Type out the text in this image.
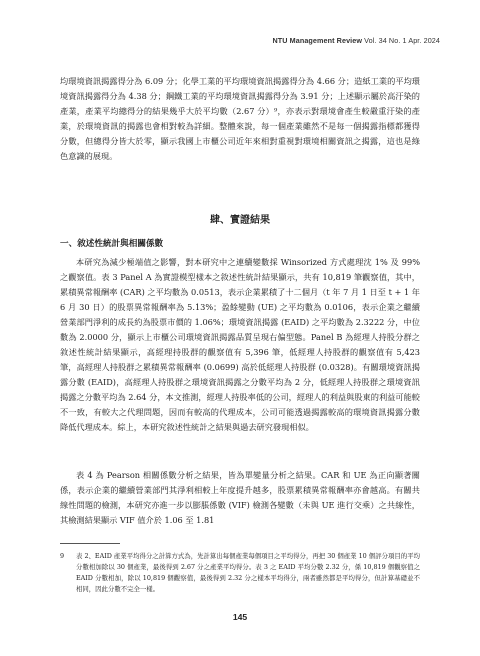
NTU Management Review Vol. 34 No. 1 Apr. 2024

均環境資訊揭露得分為 6.09 分；化學工業的平均環境資訊揭露得分為 4.66 分；造紙工業的平均環境資訊揭露得分為 4.38 分；鋼鐵工業的平均環境資訊揭露得分為 3.91 分；上述顯示屬於高汙染的產業，產業平均總得分的結果幾乎大於平均數（2.67 分）⁹，亦表示對環境會產生較嚴重汙染的產業，於環境資訊的揭露也會相對較為詳細。整體來說，每一個產業雖然不是每一個揭露指標都獲得分數，但總得分皆大於零，顯示我國上市櫃公司近年來相對重視對環境相關資訊之揭露，這也是綠色意識的展現。

肆、實證結果
一、敘述性統計與相關係數

本研究為減少極端值之影響，對本研究中之連續變數採 Winsorized 方式處理沈 1% 及 99% 之觀察值。表 3 Panel A 為實證模型樣本之敘述性統計結果顯示，共有 10,819 筆觀察值，其中，累積異常報酬率 (CAR) 之平均數為 0.0513，表示企業累積了十二個月（t 年 7 月 1 日至 t + 1 年 6 月 30 日）的股票異常報酬率為 5.13%；盈餘變動 (UE) 之平均數為 0.0106，表示企業之繼續營業部門淨利的成長約為股票市價的 1.06%；環境資訊揭露 (EAID) 之平均數為 2.3222 分，中位數為 2.0000 分，顯示上市櫃公司環境資訊揭露品質呈現右偏型態。Panel B 為經理人持股分群之敘述性統計結果顯示，高經理持股群的觀察值有 5,396 筆，低經理人持股群的觀察值有 5,423 筆，高經理人持股群之累積異常報酬率 (0.0699) 高於低經理人持股群 (0.0328)。有關環境資訊揭露分數 (EAID)，高經理人持股群之環境資訊揭露之分數平均為 2 分，低經理人持股群之環境資訊揭露之分數平均為 2.64 分，本文推測，經理人持股率低的公司，經理人的利益與股東的利益可能較不一致，有較大之代理問題，因而有較高的代理成本，公司可能透過揭露較高的環境資訊揭露分數降低代理成本。綜上，本研究敘述性統計之結果與過去研究發現相似。

表 4 為 Pearson 相關係數分析之結果，皆為單變量分析之結果。CAR 和 UE 為正向顯著關係，表示企業的繼續營業部門其淨利相較上年度提升越多，股票累積異常報酬率亦會越高。有關共線性問題的檢測，本研究亦進一步以膨脹係數 (VIF) 檢測各變數（未與 UE 進行交乘）之共線性，其檢測結果顯示 VIF 值介於 1.06 至 1.81

9	表 2、EAID 產業平均得分之計算方式為，先計算出每個產業每個項目之平均得分，再把 30 個產業 10 個評分項目的平均分數相加除以 30 個產業，最後得到 2.67 分之產業平均得分。表 3 之 EAID 平均分數 2.32 分，係 10,819 個觀察值之 EAID 分數相加，除以 10,819 個觀察值，最後得到 2.32 分之樣本平均得分，兩者雖然都是平均得分，但計算基礎並不相同，因此分數不完全一樣。
145
